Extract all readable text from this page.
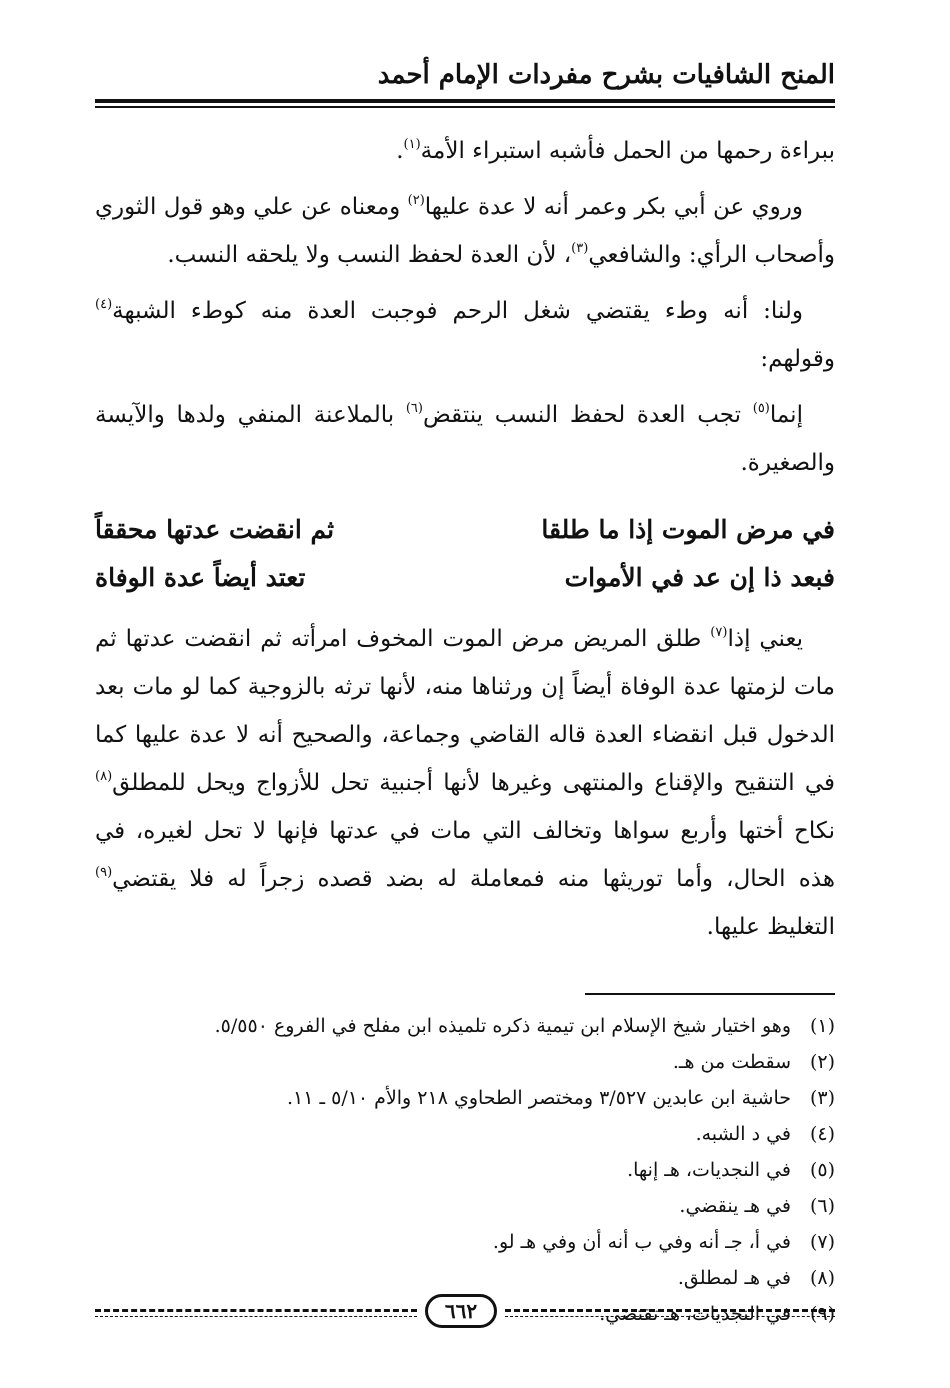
المنح الشافيات بشرح مفردات الإمام أحمد

ببراءة رحمها من الحمل فأشبه استبراء الأمة$^{(١)}$.

وروي عن أبي بكر وعمر أنه لا عدة عليها$^{(٢)}$ ومعناه عن علي وهو قول الثوري وأصحاب الرأي: والشافعي$^{(٣)}$، لأن العدة لحفظ النسب ولا يلحقه النسب.

ولنا: أنه وطء يقتضي شغل الرحم فوجبت العدة منه كوطء الشبهة$^{(٤)}$ وقولهم:

إنما$^{(٥)}$ تجب العدة لحفظ النسب ينتقض$^{(٦)}$ بالملاعنة المنفي ولدها والآيسة والصغيرة.

في مرض الموت إذا ما طلقا
ثم انقضت عدتها محققاً
فبعد ذا إن عد في الأموات
تعتد أيضاً عدة الوفاة

يعني إذا$^{(٧)}$ طلق المريض مرض الموت المخوف امرأته ثم انقضت عدتها ثم مات لزمتها عدة الوفاة أيضاً إن ورثناها منه، لأنها ترثه بالزوجية كما لو مات بعد الدخول قبل انقضاء العدة قاله القاضي وجماعة، والصحيح أنه لا عدة عليها كما في التنقيح والإقناع والمنتهى وغيرها لأنها أجنبية تحل للأزواج ويحل للمطلق$^{(٨)}$ نكاح أختها وأربع سواها وتخالف التي مات في عدتها فإنها لا تحل لغيره، في هذه الحال، وأما توريثها منه فمعاملة له بضد قصده زجراً له فلا يقتضي$^{(٩)}$ التغليظ عليها.

(١)
وهو اختيار شيخ الإسلام ابن تيمية ذكره تلميذه ابن مفلح في الفروع ٥/٥٥٠.
(٢)
سقطت من هـ.
(٣)
حاشية ابن عابدين ٣/٥٢٧ ومختصر الطحاوي ٢١٨ والأم ٥/١٠ ـ ١١.
(٤)
في د الشبه.
(٥)
في النجديات، هـ إنها.
(٦)
في هـ ينقضي.
(٧)
في أ، جـ أنه وفي ب أنه أن وفي هـ لو.
(٨)
في هـ لمطلق.
(٩)
في النجديات، هـ تقتضي.
٦٦٢
